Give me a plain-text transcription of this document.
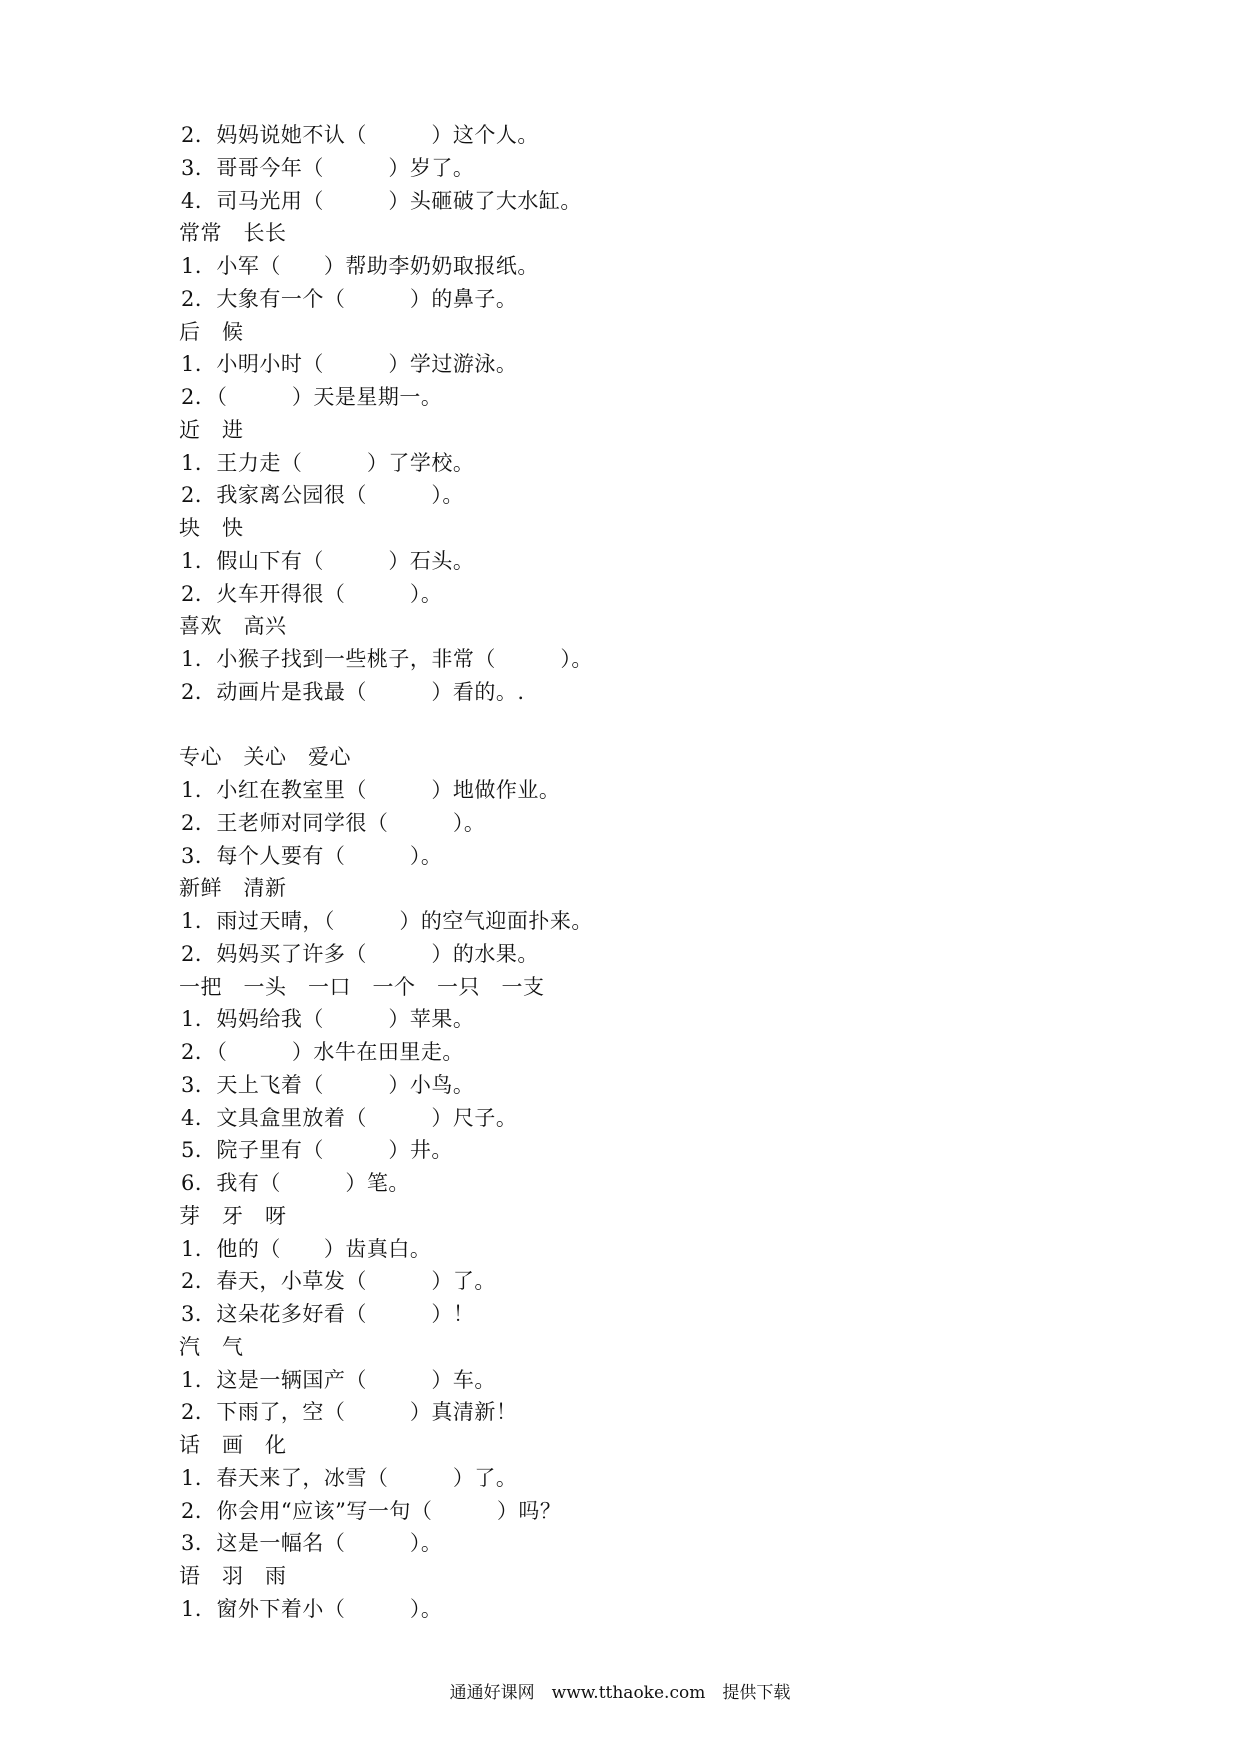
2．妈妈说她不认（　　　）这个人。
3．哥哥今年（　　　）岁了。
4．司马光用（　　　）头砸破了大水缸。
常常　长长
1．小军（　　）帮助李奶奶取报纸。
2．大象有一个（　　　）的鼻子。
后　候
1．小明小时（　　　）学过游泳。
2．（　　　）天是星期一。
近　进
1．王力走（　　　）了学校。
2．我家离公园很（　　　）。
块　快
1．假山下有（　　　）石头。
2．火车开得很（　　　）。
喜欢　高兴
1．小猴子找到一些桃子，非常（　　　）。
2．动画片是我最（　　　）看的。.
专心　关心　爱心
1．小红在教室里（　　　）地做作业。
2．王老师对同学很（　　　）。
3．每个人要有（　　　）。
新鲜　清新
1．雨过天晴，（　　　）的空气迎面扑来。
2．妈妈买了许多（　　　）的水果。
一把　一头　一口　一个　一只　一支
1．妈妈给我（　　　）苹果。
2．（　　　）水牛在田里走。
3．天上飞着（　　　）小鸟。
4．文具盒里放着（　　　）尺子。
5．院子里有（　　　）井。
6．我有（　　　）笔。
芽　牙　呀
1．他的（　　）齿真白。
2．春天，小草发（　　　）了。
3．这朵花多好看（　　　）！
汽　气
1．这是一辆国产（　　　）车。
2．下雨了，空（　　　）真清新！
话　画　化
1．春天来了，冰雪（　　　）了。
2．你会用“应该”写一句（　　　）吗？
3．这是一幅名（　　　）。
语　羽　雨
1．窗外下着小（　　　）。
通通好课网　www.tthaoke.com　提供下载
